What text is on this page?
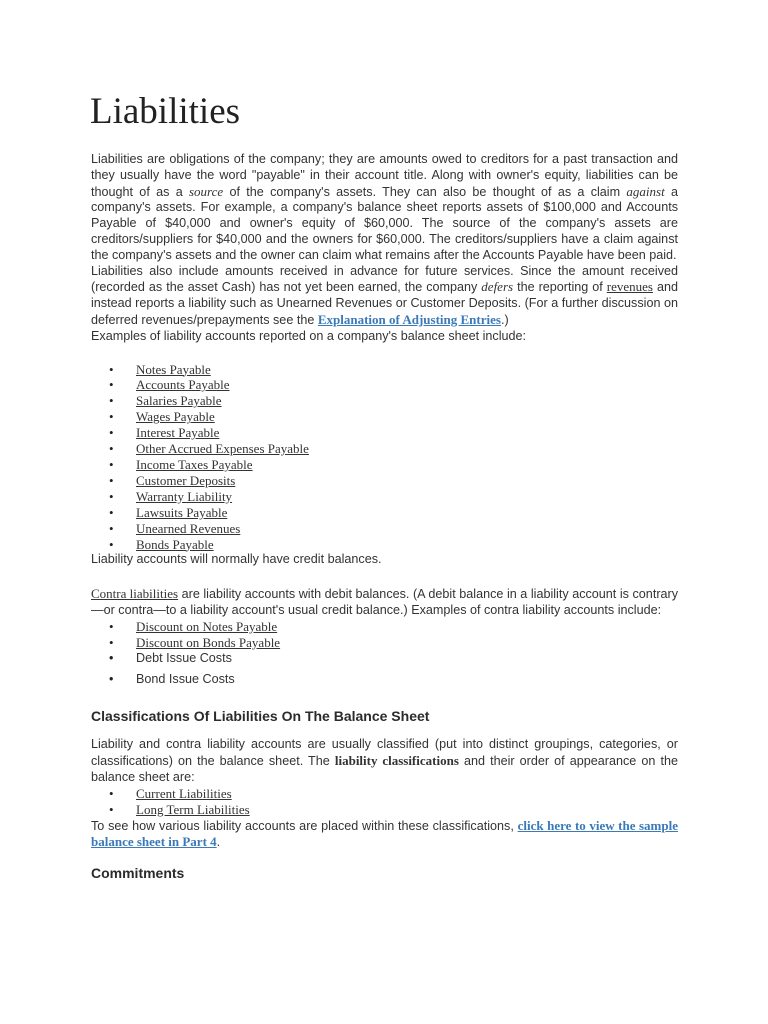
Liabilities

Liabilities are obligations of the company; they are amounts owed to creditors for a past transaction and they usually have the word "payable" in their account title. Along with owner's equity, liabilities can be thought of as a source of the company's assets. They can also be thought of as a claim against a company's assets. For example, a company's balance sheet reports assets of $100,000 and Accounts Payable of $40,000 and owner's equity of $60,000. The source of the company's assets are creditors/suppliers for $40,000 and the owners for $60,000. The creditors/suppliers have a claim against the company's assets and the owner can claim what remains after the Accounts Payable have been paid.

Liabilities also include amounts received in advance for future services. Since the amount received (recorded as the asset Cash) has not yet been earned, the company defers the reporting of revenues and instead reports a liability such as Unearned Revenues or Customer Deposits. (For a further discussion on deferred revenues/prepayments see the Explanation of Adjusting Entries.)

Examples of liability accounts reported on a company's balance sheet include:

• Notes Payable
• Accounts Payable
• Salaries Payable
• Wages Payable
• Interest Payable
• Other Accrued Expenses Payable
• Income Taxes Payable
• Customer Deposits
• Warranty Liability
• Lawsuits Payable
• Unearned Revenues
• Bonds Payable

Liability accounts will normally have credit balances.

Contra liabilities are liability accounts with debit balances. (A debit balance in a liability account is contrary—or contra—to a liability account's usual credit balance.) Examples of contra liability accounts include:

• Discount on Notes Payable
• Discount on Bonds Payable
• Debt Issue Costs
• Bond Issue Costs
Classifications Of Liabilities On The Balance Sheet

Liability and contra liability accounts are usually classified (put into distinct groupings, categories, or classifications) on the balance sheet. The liability classifications and their order of appearance on the balance sheet are:

• Current Liabilities
• Long Term Liabilities

To see how various liability accounts are placed within these classifications, click here to view the sample balance sheet in Part 4.

Commitments
